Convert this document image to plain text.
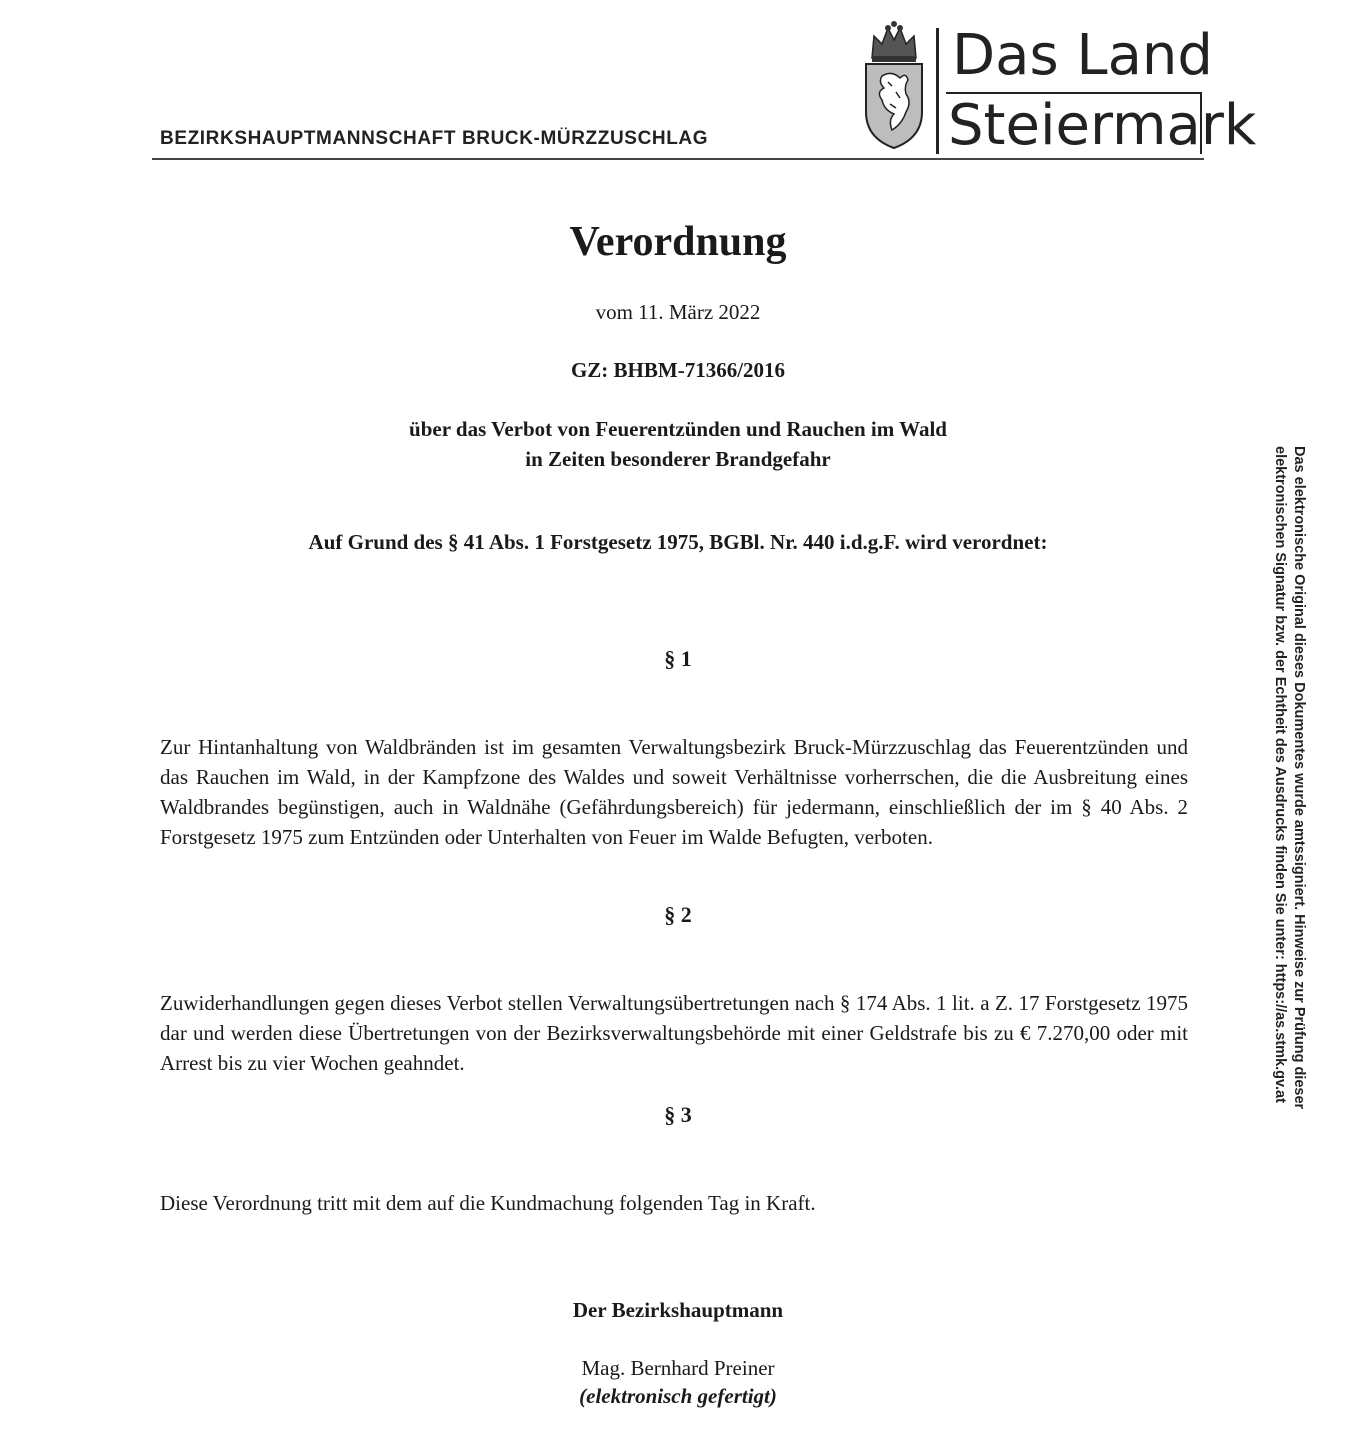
BEZIRKSHAUPTMANNSCHAFT BRUCK-MÜRZZUSCHLAG
Das Land
Steiermark
Verordnung
vom 11. März 2022
GZ: BHBM-71366/2016
über das Verbot von Feuerentzünden und Rauchen im Wald
in Zeiten besonderer Brandgefahr
Auf Grund des § 41 Abs. 1 Forstgesetz 1975, BGBl. Nr. 440 i.d.g.F. wird verordnet:
§ 1
Zur Hintanhaltung von Waldbränden ist im gesamten Verwaltungsbezirk Bruck-Mürzzuschlag das Feuerentzünden und das Rauchen im Wald, in der Kampfzone des Waldes und soweit Verhältnisse vorherrschen, die die Ausbreitung eines Waldbrandes begünstigen, auch in Waldnähe (Gefährdungsbereich) für jedermann, einschließlich der im § 40 Abs. 2 Forstgesetz 1975 zum Entzünden oder Unterhalten von Feuer im Walde Befugten, verboten.
§ 2
Zuwiderhandlungen gegen dieses Verbot stellen Verwaltungsübertretungen nach § 174 Abs. 1 lit. a Z. 17 Forstgesetz 1975 dar und werden diese Übertretungen von der Bezirksverwaltungsbehörde mit einer Geldstrafe bis zu € 7.270,00 oder mit Arrest bis zu vier Wochen geahndet.
§ 3
Diese Verordnung tritt mit dem auf die Kundmachung folgenden Tag in Kraft.
Der Bezirkshauptmann
Mag. Bernhard Preiner
(elektronisch gefertigt)
Das elektronische Original dieses Dokumentes wurde amtssigniert. Hinweise zur Prüfung dieser
elektronischen Signatur bzw. der Echtheit des Ausdrucks finden Sie unter: https://as.stmk.gv.at
